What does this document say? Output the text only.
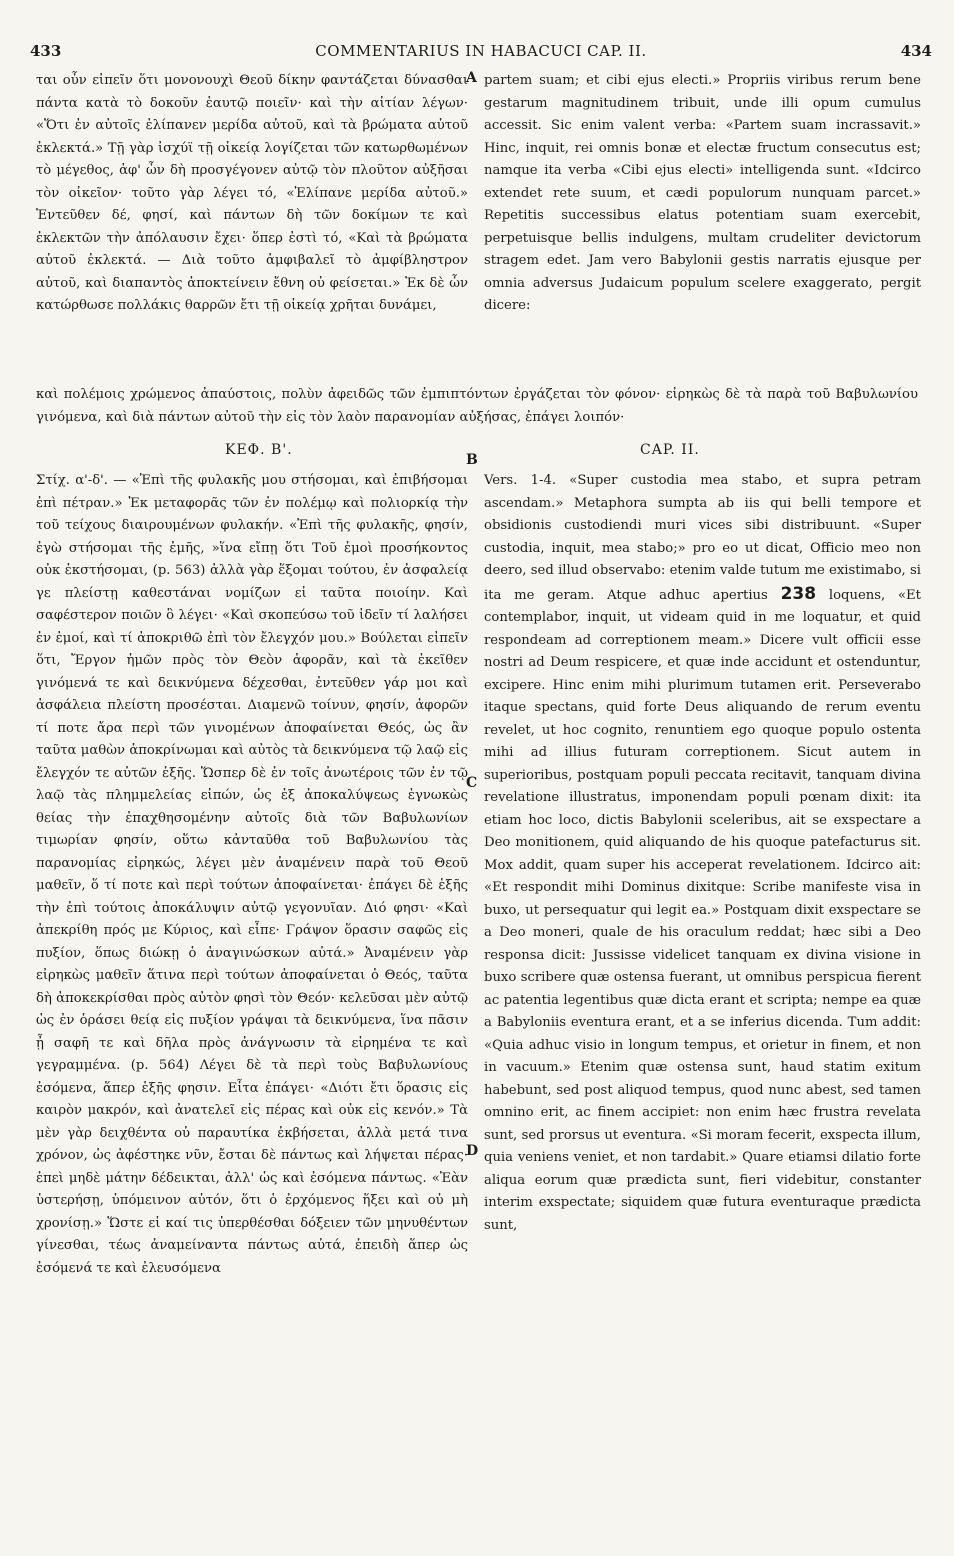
433	COMMENTARIUS IN HABACUCI CAP. II.	434
A
B
C
D

ται οὖν εἰπεῖν ὅτι μονονουχὶ Θεοῦ δίκην φαντάζεται δύνασθαι πάντα κατὰ τὸ δοκοῦν ἑαυτῷ ποιεῖν· καὶ τὴν αἰτίαν λέγων· «Ὅτι ἐν αὐτοῖς ἐλίπανεν μερίδα αὐτοῦ, καὶ τὰ βρώματα αὐτοῦ ἐκλεκτά.» Τῇ γὰρ ἰσχύϊ τῇ οἰκείᾳ λογίζεται τῶν κατωρθωμένων τὸ μέγεθος, ἀφ' ὧν δὴ προσγέγονεν αὐτῷ τὸν πλοῦτον αὐξῆσαι τὸν οἰκεῖον· τοῦτο γὰρ λέγει τό, «Ἐλίπανε μερίδα αὐτοῦ.» Ἐντεῦθεν δέ, φησί, καὶ πάντων δὴ τῶν δοκίμων τε καὶ ἐκλεκτῶν τὴν ἀπόλαυσιν ἔχει· ὅπερ ἐστὶ τό, «Καὶ τὰ βρώματα αὐτοῦ ἐκλεκτά. — Διὰ τοῦτο ἀμφιβαλεῖ τὸ ἀμφίβληστρον αὐτοῦ, καὶ διαπαντὸς ἀποκτείνειν ἔθνη οὐ φείσεται.» Ἐκ δὲ ὧν κατώρθωσε πολλάκις θαρρῶν ἔτι τῇ οἰκείᾳ χρῆται δυνάμει,

partem suam; et cibi ejus electi.» Propriis viribus rerum bene gestarum magnitudinem tribuit, unde illi opum cumulus accessit. Sic enim valent verba: «Partem suam incrassavit.» Hinc, inquit, rei omnis bonæ et electæ fructum consecutus est; namque ita verba «Cibi ejus electi» intelligenda sunt. «Idcirco extendet rete suum, et cædi populorum nunquam parcet.» Repetitis successibus elatus potentiam suam exercebit, perpetuisque bellis indulgens, multam crudeliter devictorum stragem edet. Jam vero Babylonii gestis narratis ejusque per omnia adversus Judaicum populum scelere exaggerato, pergit dicere:

καὶ πολέμοις χρώμενος ἀπαύστοις, πολὺν ἀφειδῶς τῶν ἐμπιπτόντων ἐργάζεται τὸν φόνον· εἰρηκὼς δὲ τὰ παρὰ τοῦ Βαβυλωνίου γινόμενα, καὶ διὰ πάντων αὐτοῦ τὴν εἰς τὸν λαὸν παρανομίαν αὐξήσας, ἐπάγει λοιπόν·
ΚΕΦ. Β'.	CAP. II.

Στίχ. α'-δ'. — «Ἐπὶ τῆς φυλακῆς μου στήσομαι, καὶ ἐπιβήσομαι ἐπὶ πέτραν.» Ἐκ μεταφορᾶς τῶν ἐν πολέμῳ καὶ πολιορκίᾳ τὴν τοῦ τείχους διαιρουμένων φυλακήν. «Ἐπὶ τῆς φυλακῆς, φησίν, ἐγὼ στήσομαι τῆς ἐμῆς, »ἵνα εἴπῃ ὅτι Τοῦ ἐμοὶ προσήκοντος οὐκ ἐκστήσομαι, (p. 563) ἀλλὰ γὰρ ἕξομαι τούτου, ἐν ἀσφαλείᾳ γε πλείστῃ καθεστάναι νομίζων εἰ ταῦτα ποιοίην. Καὶ σαφέστερον ποιῶν ὃ λέγει· «Καὶ σκοπεύσω τοῦ ἰδεῖν τί λαλήσει ἐν ἐμοί, καὶ τί ἀποκριθῶ ἐπὶ τὸν ἔλεγχόν μου.» Βούλεται εἰπεῖν ὅτι, Ἔργον ἡμῶν πρὸς τὸν Θεὸν ἀφορᾶν, καὶ τὰ ἐκεῖθεν γινόμενά τε καὶ δεικνύμενα δέχεσθαι, ἐντεῦθεν γάρ μοι καὶ ἀσφάλεια πλείστη προσέσται. Διαμενῶ τοίνυν, φησίν, ἀφορῶν τί ποτε ἄρα περὶ τῶν γινομένων ἀποφαίνεται Θεός, ὡς ἂν ταῦτα μαθὼν ἀποκρίνωμαι καὶ αὐτὸς τὰ δεικνύμενα τῷ λαῷ εἰς ἔλεγχόν τε αὐτῶν ἑξῆς. Ὥσπερ δὲ ἐν τοῖς ἀνωτέροις τῶν ἐν τῷ λαῷ τὰς πλημμελείας εἰπών, ὡς ἐξ ἀποκαλύψεως ἐγνωκὼς θείας τὴν ἐπαχθησομένην αὐτοῖς διὰ τῶν Βαβυλωνίων τιμωρίαν φησίν, οὕτω κἀνταῦθα τοῦ Βαβυλωνίου τὰς παρανομίας εἰρηκώς, λέγει μὲν ἀναμένειν παρὰ τοῦ Θεοῦ μαθεῖν, ὅ τί ποτε καὶ περὶ τούτων ἀποφαίνεται· ἐπάγει δὲ ἑξῆς τὴν ἐπὶ τούτοις ἀποκάλυψιν αὐτῷ γεγονυῖαν. Διό φησι· «Καὶ ἀπεκρίθη πρός με Κύριος, καὶ εἶπε· Γράψον ὅρασιν σαφῶς εἰς πυξίον, ὅπως διώκῃ ὁ ἀναγινώσκων αὐτά.» Ἀναμένειν γὰρ εἰρηκὼς μαθεῖν ἅτινα περὶ τούτων ἀποφαίνεται ὁ Θεός, ταῦτα δὴ ἀποκεκρίσθαι πρὸς αὐτὸν φησὶ τὸν Θεόν· κελεῦσαι μὲν αὐτῷ ὡς ἐν ὁράσει θείᾳ εἰς πυξίον γράψαι τὰ δεικνύμενα, ἵνα πᾶσιν ᾖ σαφῆ τε καὶ δῆλα πρὸς ἀνάγνωσιν τὰ εἰρημένα τε καὶ γεγραμμένα. (p. 564) Λέγει δὲ τὰ περὶ τοὺς Βαβυλωνίους ἐσόμενα, ἅπερ ἑξῆς φησιν. Εἶτα ἐπάγει· «Διότι ἔτι ὅρασις εἰς καιρὸν μακρόν, καὶ ἀνατελεῖ εἰς πέρας καὶ οὐκ εἰς κενόν.» Τὰ μὲν γὰρ δειχθέντα οὐ παραυτίκα ἐκβήσεται, ἀλλὰ μετά τινα χρόνον, ὡς ἀφέστηκε νῦν, ἔσται δὲ πάντως καὶ λήψεται πέρας· ἐπεὶ μηδὲ μάτην δέδεικται, ἀλλ' ὡς καὶ ἐσόμενα πάντως. «Ἐὰν ὑστερήσῃ, ὑπόμεινον αὐτόν, ὅτι ὁ ἐρχόμενος ἥξει καὶ οὐ μὴ χρονίσῃ.» Ὥστε εἰ καί τις ὑπερθέσθαι δόξειεν τῶν μηνυθέντων γίνεσθαι, τέως ἀναμείναντα πάντως αὐτά, ἐπειδὴ ἅπερ ὡς ἐσόμενά τε καὶ ἐλευσόμενα

Vers. 1-4. «Super custodia mea stabo, et supra petram ascendam.» Metaphora sumpta ab iis qui belli tempore et obsidionis custodiendi muri vices sibi distribuunt. «Super custodia, inquit, mea stabo;» pro eo ut dicat, Officio meo non deero, sed illud observabo: etenim valde tutum me existimabo, si ita me geram. Atque adhuc apertius 238 loquens, «Et contemplabor, inquit, ut videam quid in me loquatur, et quid respondeam ad correptionem meam.» Dicere vult officii esse nostri ad Deum respicere, et quæ inde accidunt et ostenduntur, excipere. Hinc enim mihi plurimum tutamen erit. Perseverabo itaque spectans, quid forte Deus aliquando de rerum eventu revelet, ut hoc cognito, renuntiem ego quoque populo ostenta mihi ad illius futuram correptionem. Sicut autem in superioribus, postquam populi peccata recitavit, tanquam divina revelatione illustratus, imponendam populi pœnam dixit: ita etiam hoc loco, dictis Babylonii sceleribus, ait se exspectare a Deo monitionem, quid aliquando de his quoque patefacturus sit. Mox addit, quam super his acceperat revelationem. Idcirco ait: «Et respondit mihi Dominus dixitque: Scribe manifeste visa in buxo, ut persequatur qui legit ea.» Postquam dixit exspectare se a Deo moneri, quale de his oraculum reddat; hæc sibi a Deo responsa dicit: Jussisse videlicet tanquam ex divina visione in buxo scribere quæ ostensa fuerant, ut omnibus perspicua fierent ac patentia legentibus quæ dicta erant et scripta; nempe ea quæ a Babyloniis eventura erant, et a se inferius dicenda. Tum addit: «Quia adhuc visio in longum tempus, et orietur in finem, et non in vacuum.» Etenim quæ ostensa sunt, haud statim exitum habebunt, sed post aliquod tempus, quod nunc abest, sed tamen omnino erit, ac finem accipiet: non enim hæc frustra revelata sunt, sed prorsus ut eventura. «Si moram fecerit, exspecta illum, quia veniens veniet, et non tardabit.» Quare etiamsi dilatio forte aliqua eorum quæ prædicta sunt, fieri videbitur, constanter interim exspectate; siquidem quæ futura eventuraque prædicta sunt,
